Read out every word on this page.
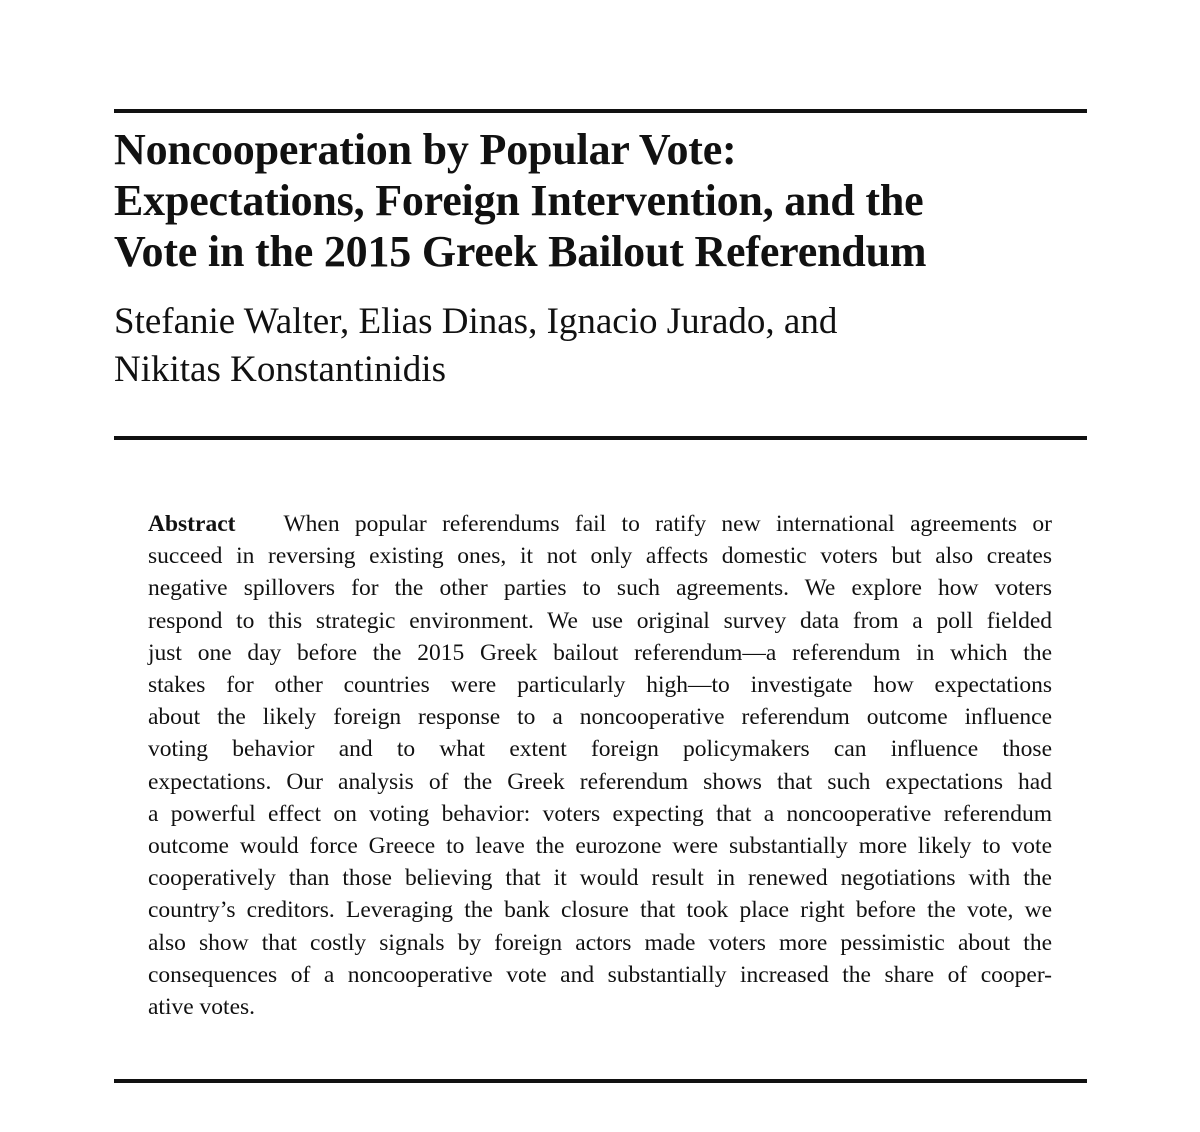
Noncooperation by Popular Vote:
Expectations, Foreign Intervention, and the
Vote in the 2015 Greek Bailout Referendum
Stefanie Walter, Elias Dinas, Ignacio Jurado, and
Nikitas Konstantinidis
Abstract When popular referendums fail to ratify new international agreements or
succeed in reversing existing ones, it not only affects domestic voters but also creates
negative spillovers for the other parties to such agreements. We explore how voters
respond to this strategic environment. We use original survey data from a poll fielded
just one day before the 2015 Greek bailout referendum—a referendum in which the
stakes for other countries were particularly high—to investigate how expectations
about the likely foreign response to a noncooperative referendum outcome influence
voting behavior and to what extent foreign policymakers can influence those
expectations. Our analysis of the Greek referendum shows that such expectations had
a powerful effect on voting behavior: voters expecting that a noncooperative referendum
outcome would force Greece to leave the eurozone were substantially more likely to vote
cooperatively than those believing that it would result in renewed negotiations with the
country’s creditors. Leveraging the bank closure that took place right before the vote, we
also show that costly signals by foreign actors made voters more pessimistic about the
consequences of a noncooperative vote and substantially increased the share of cooper-
ative votes.
